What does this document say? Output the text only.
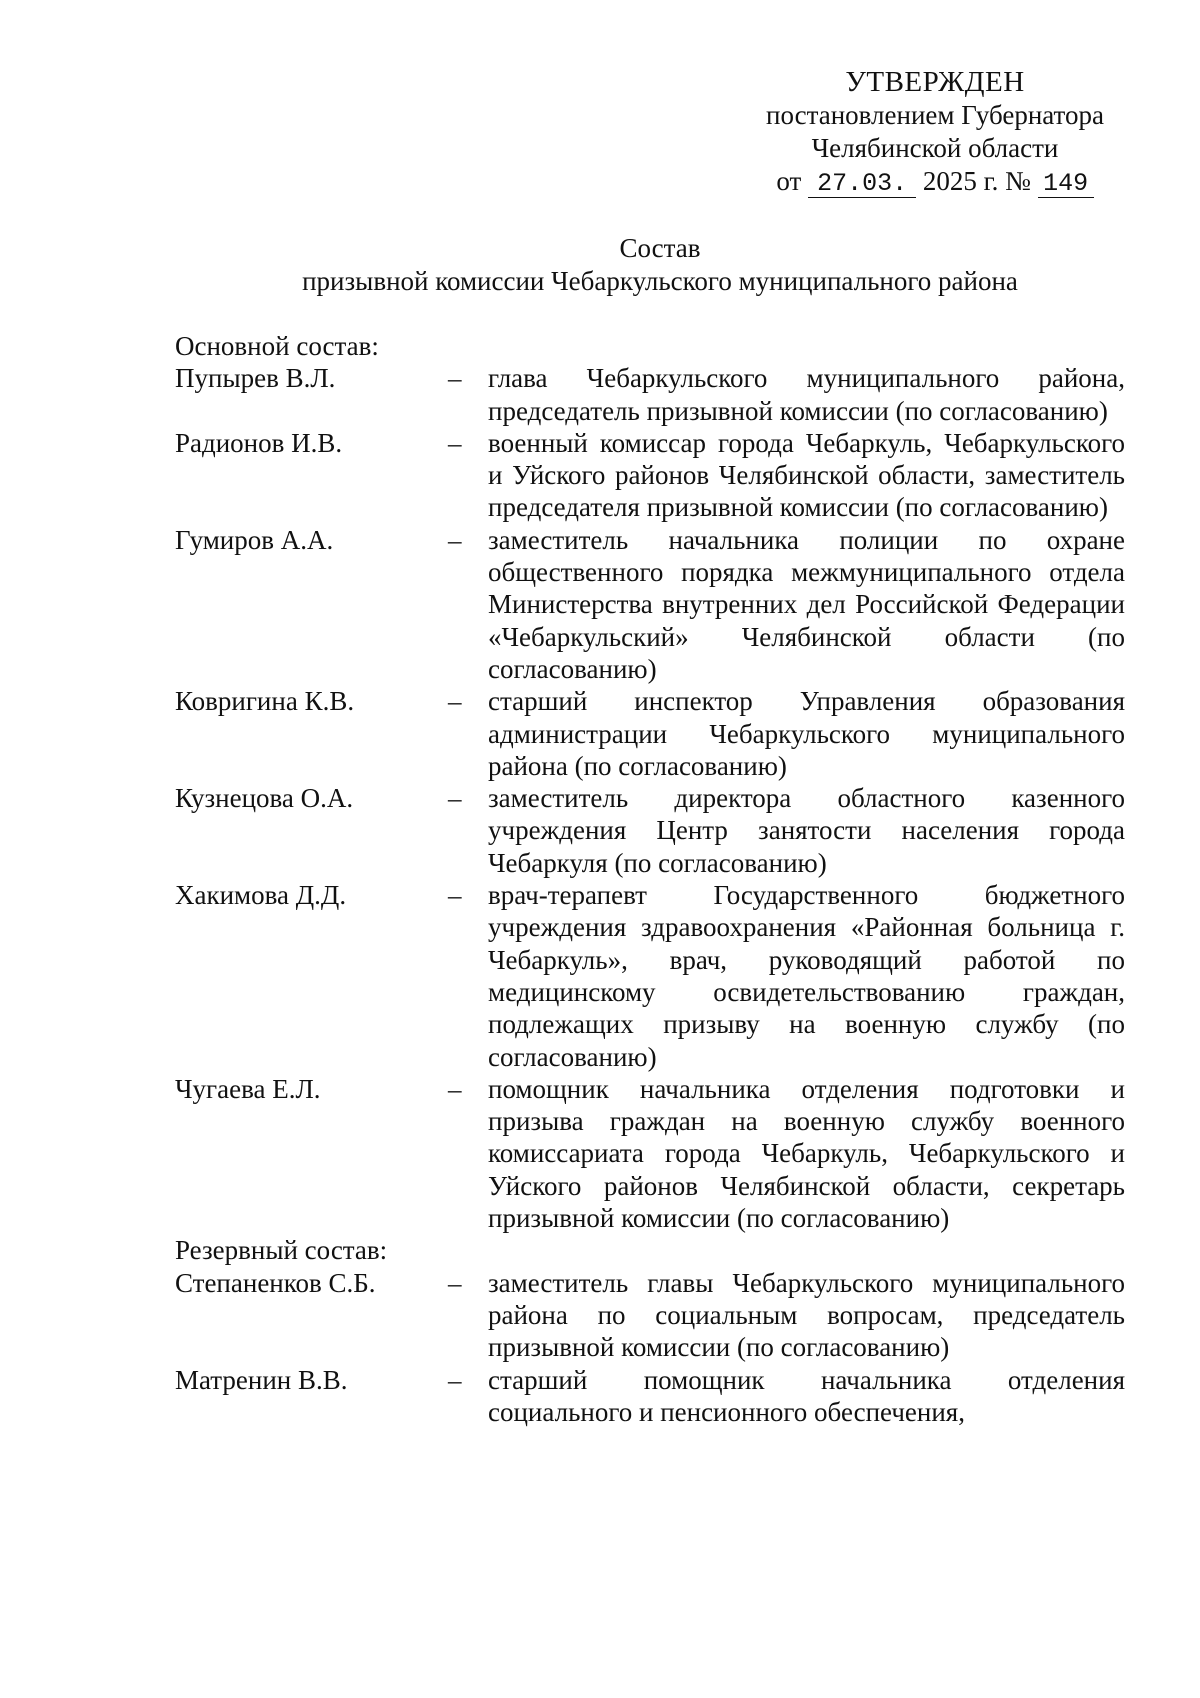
УТВЕРЖДЕН
постановлением Губернатора
Челябинской области
от 27.03. 2025 г. № 149
Состав
призывной комиссии Чебаркульского муниципального района

Основной состав:

Пупырев В.Л.	– глава Чебаркульского муниципального района, председатель призывной комиссии (по согласованию)
Радионов И.В.	– военный комиссар города Чебаркуль, Чебаркульского и Уйского районов Челябинской области, заместитель председателя призывной комиссии (по согласованию)
Гумиров А.А.	– заместитель начальника полиции по охране общественного порядка межмуниципального отдела Министерства внутренних дел Российской Федерации «Чебаркульский» Челябинской области (по согласованию)
Ковригина К.В.	– старший инспектор Управления образования администрации Чебаркульского муниципального района (по согласованию)
Кузнецова О.А.	– заместитель директора областного казенного учреждения Центр занятости населения города Чебаркуля (по согласованию)
Хакимова Д.Д.	– врач-терапевт Государственного бюджетного учреждения здравоохранения «Районная больница г. Чебаркуль», врач, руководящий работой по медицинскому освидетельствованию граждан, подлежащих призыву на военную службу (по согласованию)
Чугаева Е.Л.	– помощник начальника отделения подготовки и призыва граждан на военную службу военного комиссариата города Чебаркуль, Чебаркульского и Уйского районов Челябинской области, секретарь призывной комиссии (по согласованию)

Резервный состав:

Степаненков С.Б.	– заместитель главы Чебаркульского муниципального района по социальным вопросам, председатель призывной комиссии (по согласованию)
Матренин В.В.	– старший помощник начальника отделения социального и пенсионного обеспечения,
